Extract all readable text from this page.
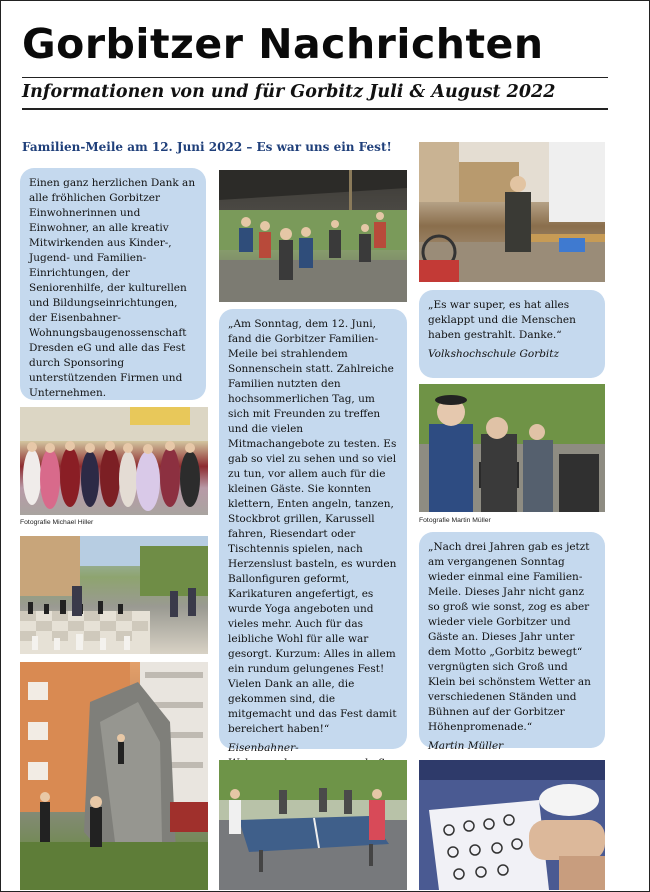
Gorbitzer Nachrichten
Informationen von und für Gorbitz Juli & August 2022
Familien-Meile am 12. Juni 2022 – Es war uns ein Fest!
Einen ganz herzlichen Dank an alle fröhlichen Gorbitzer Einwohnerinnen und Einwohner, an alle kreativ Mitwirkenden aus Kinder-, Jugend- und Familien-Einrichtungen, der Seniorenhilfe, der kulturellen und Bildungseinrichtungen, der Eisenbahner-Wohnungsbaugenossenschaft Dresden eG und alle das Fest durch Sponsoring unterstützenden Firmen und Unternehmen.
Fotografie Michael Hiller
„Am Sonntag, dem 12. Juni, fand die Gorbitzer Familien-Meile bei strahlendem Sonnenschein statt. Zahlreiche Familien nutzten den hochsommerlichen Tag, um sich mit Freunden zu treffen und die vielen Mitmachangebote zu testen. Es gab so viel zu sehen und so viel zu tun, vor allem auch für die kleinen Gäste. Sie konnten klettern, Enten angeln, tanzen, Stockbrot grillen, Karussell fahren, Riesendart oder Tischtennis spielen, nach Herzenslust basteln, es wurden Ballonfiguren geformt, Karikaturen angefertigt, es wurde Yoga angeboten und vieles mehr. Auch für das leibliche Wohl für alle war gesorgt. Kurzum: Alles in allem ein rundum gelungenes Fest!
Vielen Dank an alle, die gekommen sind, die mitgemacht und das Fest damit bereichert haben!“
Eisenbahner-
„Es war super, es hat alles geklappt und die Menschen haben gestrahlt. Danke.“
Volkshochschule Gorbitz
Fotografie Martin Müller
„Nach drei Jahren gab es jetzt am vergangenen Sonntag wieder einmal eine Familien-Meile. Dieses Jahr nicht ganz so groß wie sonst, zog es aber wieder viele Gorbitzer und Gäste an. Dieses Jahr unter dem Motto „Gorbitz bewegt“ vergnügten sich Groß und Klein bei schönstem Wetter an verschiedenen Ständen und Bühnen auf der Gorbitzer Höhenpromenade.“
Martin Müller
